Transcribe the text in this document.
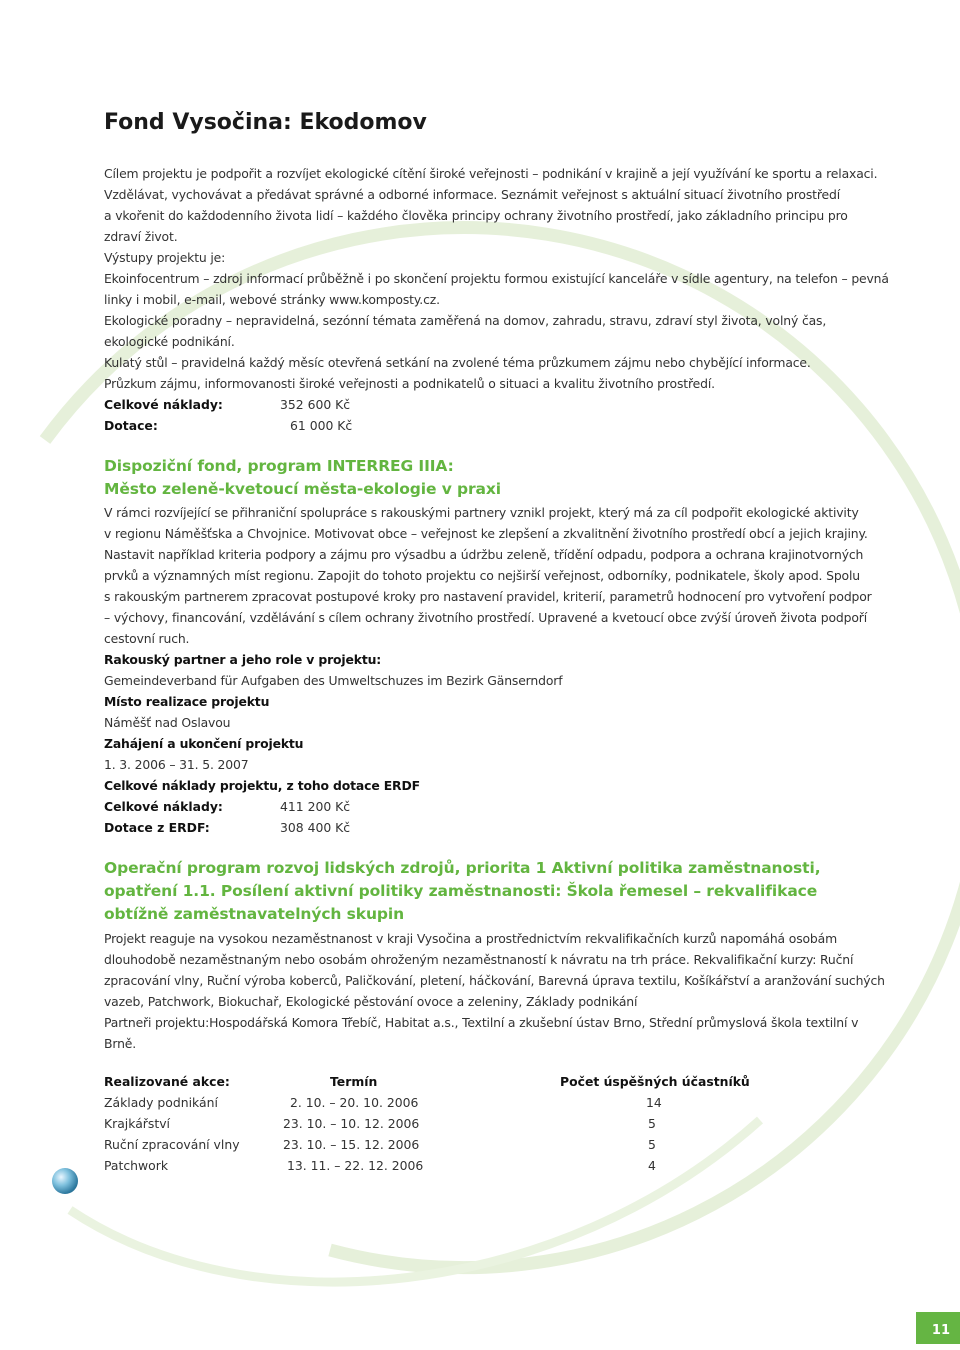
Fond Vysočina: Ekodomov

Cílem projektu je podpořit a rozvíjet ekologické cítění široké veřejnosti – podnikání v krajině a její využívání ke sportu a relaxaci.

Vzdělávat, vychovávat a předávat správné a odborné informace. Seznámit veřejnost s aktuální situací životního prostředí

a vkořenit do každodenního života lidí – každého člověka principy ochrany životního prostředí, jako základního principu pro

zdraví život.

Výstupy projektu je:

Ekoinfocentrum – zdroj informací průběžně i po skončení projektu formou existující kanceláře v sídle agentury, na telefon – pevná

linky i mobil, e-mail, webové stránky www.komposty.cz.

Ekologické poradny – nepravidelná, sezónní témata zaměřená na domov, zahradu, stravu, zdraví styl života, volný čas,

ekologické podnikání.

Kulatý stůl – pravidelná každý měsíc otevřená setkání na zvolené téma průzkumem zájmu nebo chybějící informace.

Průzkum zájmu, informovanosti široké veřejnosti a podnikatelů o situaci a kvalitu životního prostředí.

Celkové náklady:	352 600 Kč
Dotace:	61 000 Kč

Dispoziční fond, program INTERREG IIIA:

Město zeleně-kvetoucí města-ekologie v praxi

V rámci rozvíjející se přihraniční spolupráce s rakouskými partnery vznikl projekt, který má za cíl podpořit ekologické aktivity

v regionu Náměšťska a Chvojnice. Motivovat obce – veřejnost ke zlepšení a zkvalitnění životního prostředí obcí a jejich krajiny.

Nastavit například kriteria podpory a zájmu pro výsadbu a údržbu zeleně, třídění odpadu, podpora a ochrana krajinotvorných

prvků a významných míst regionu. Zapojit do tohoto projektu co nejširší veřejnost, odborníky, podnikatele, školy apod. Spolu

s rakouským partnerem zpracovat postupové kroky pro nastavení pravidel, kriterií, parametrů hodnocení pro vytvoření podpor

– výchovy, financování, vzdělávání s cílem ochrany životního prostředí. Upravené a kvetoucí obce zvýší úroveň života podpoří

cestovní ruch.

Rakouský partner a jeho role v projektu:

Gemeindeverband für Aufgaben des Umweltschuzes im Bezirk Gänserndorf

Místo realizace projektu

Náměšť nad Oslavou

Zahájení a ukončení projektu

1. 3. 2006 – 31. 5. 2007

Celkové náklady projektu, z toho dotace ERDF

Celkové náklady:	411 200 Kč
Dotace z ERDF:	308 400 Kč

Operační program rozvoj lidských zdrojů, priorita 1 Aktivní politika zaměstnanosti,

opatření 1.1. Posílení aktivní politiky zaměstnanosti: Škola řemesel – rekvalifikace

obtížně zaměstnavatelných skupin

Projekt reaguje na vysokou nezaměstnanost v kraji Vysočina a prostřednictvím rekvalifikačních kurzů napomáhá osobám

dlouhodobě nezaměstnaným nebo osobám ohroženým nezaměstnaností k návratu na trh práce. Rekvalifikační kurzy: Ruční

zpracování vlny, Ruční výroba koberců, Paličkování, pletení, háčkování, Barevná úprava textilu, Košíkářství a aranžování suchých

vazeb, Patchwork, Biokuchař, Ekologické pěstování ovoce a zeleniny, Základy podnikání

Partneři projektu:Hospodářská Komora Třebíč, Habitat a.s., Textilní a zkušební ústav Brno, Střední průmyslová škola textilní v Brně.

Realizované akce:	Termín	Počet úspěšných účastníků
Základy podnikání	2. 10. – 20. 10. 2006	14
Krajkářství	23. 10. – 10. 12. 2006	5
Ruční zpracování vlny	23. 10. – 15. 12. 2006	5
Patchwork	13. 11. – 22. 12. 2006	4
11
